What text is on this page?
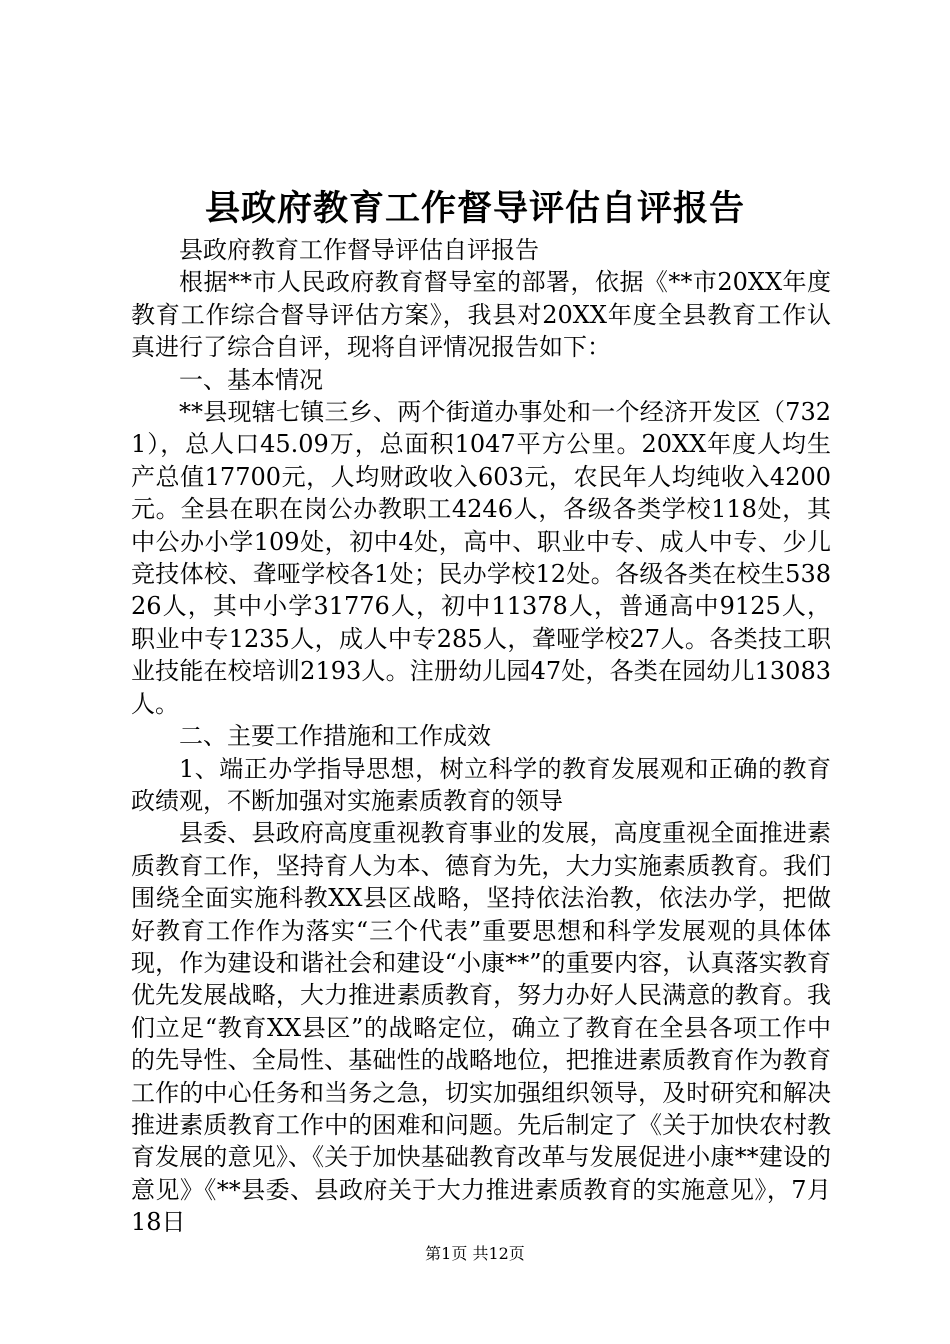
县政府教育工作督导评估自评报告

县政府教育工作督导评估自评报告

根据**市人民政府教育督导室的部署，依据《**市20XX年度教育工作综合督导评估方案》，我县对20XX年度全县教育工作认真进行了综合自评，现将自评情况报告如下：

一、基本情况

**县现辖七镇三乡、两个街道办事处和一个经济开发区（7321），总人口45.09万，总面积1047平方公里。20XX年度人均生产总值17700元，人均财政收入603元，农民年人均纯收入4200元。全县在职在岗公办教职工4246人，各级各类学校118处，其中公办小学109处，初中4处，高中、职业中专、成人中专、少儿竞技体校、聋哑学校各1处；民办学校12处。各级各类在校生53826人，其中小学31776人，初中11378人，普通高中9125人，职业中专1235人，成人中专285人，聋哑学校27人。各类技工职业技能在校培训2193人。注册幼儿园47处，各类在园幼儿13083人。

二、主要工作措施和工作成效

1、端正办学指导思想，树立科学的教育发展观和正确的教育政绩观，不断加强对实施素质教育的领导

县委、县政府高度重视教育事业的发展，高度重视全面推进素质教育工作，坚持育人为本、德育为先，大力实施素质教育。我们围绕全面实施科教XX县区战略，坚持依法治教，依法办学，把做好教育工作作为落实“三个代表”重要思想和科学发展观的具体体现，作为建设和谐社会和建设“小康**”的重要内容，认真落实教育优先发展战略，大力推进素质教育，努力办好人民满意的教育。我们立足“教育XX县区”的战略定位，确立了教育在全县各项工作中的先导性、全局性、基础性的战略地位，把推进素质教育作为教育工作的中心任务和当务之急，切实加强组织领导，及时研究和解决推进素质教育工作中的困难和问题。先后制定了《关于加快农村教育发展的意见》、《关于加快基础教育改革与发展促进小康**建设的意见》《**县委、县政府关于大力推进素质教育的实施意见》，7月18日

第1页 共12页
